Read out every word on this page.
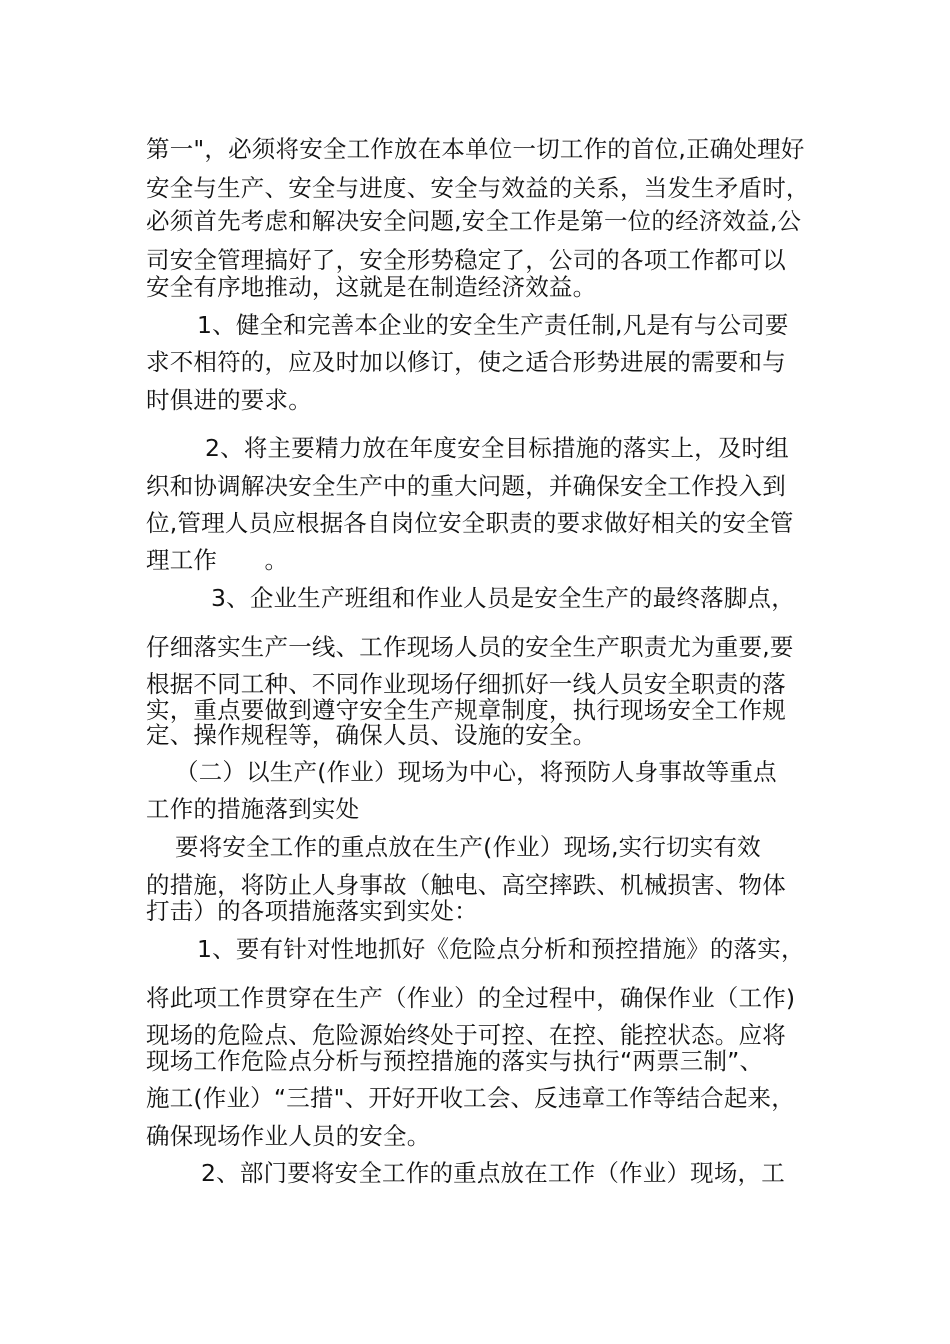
第一"，必须将安全工作放在本单位一切工作的首位,正确处理好
安全与生产、安全与进度、安全与效益的关系，当发生矛盾时，
必须首先考虑和解决安全问题,安全工作是第一位的经济效益,公
司安全管理搞好了，安全形势稳定了，公司的各项工作都可以
安全有序地推动，这就是在制造经济效益。
1、健全和完善本企业的安全生产责任制,凡是有与公司要
求不相符的，应及时加以修订，使之适合形势进展的需要和与
时俱进的要求。
2、将主要精力放在年度安全目标措施的落实上，及时组
织和协调解决安全生产中的重大问题，并确保安全工作投入到
位,管理人员应根据各自岗位安全职责的要求做好相关的安全管
理工作　　。
3、企业生产班组和作业人员是安全生产的最终落脚点，
仔细落实生产一线、工作现场人员的安全生产职责尤为重要,要
根据不同工种、不同作业现场仔细抓好一线人员安全职责的落
实，重点要做到遵守安全生产规章制度，执行现场安全工作规
定、操作规程等，确保人员、设施的安全。
（二）以生产(作业）现场为中心，将预防人身事故等重点
工作的措施落到实处
要将安全工作的重点放在生产(作业）现场,实行切实有效
的措施，将防止人身事故（触电、高空摔跌、机械损害、物体
打击）的各项措施落实到实处：
1、要有针对性地抓好《危险点分析和预控措施》的落实，
将此项工作贯穿在生产（作业）的全过程中，确保作业（工作)
现场的危险点、危险源始终处于可控、在控、能控状态。应将
现场工作危险点分析与预控措施的落实与执行“两票三制”、
施工(作业）“三措"、开好开收工会、反违章工作等结合起来，
确保现场作业人员的安全。
2、部门要将安全工作的重点放在工作（作业）现场，工
